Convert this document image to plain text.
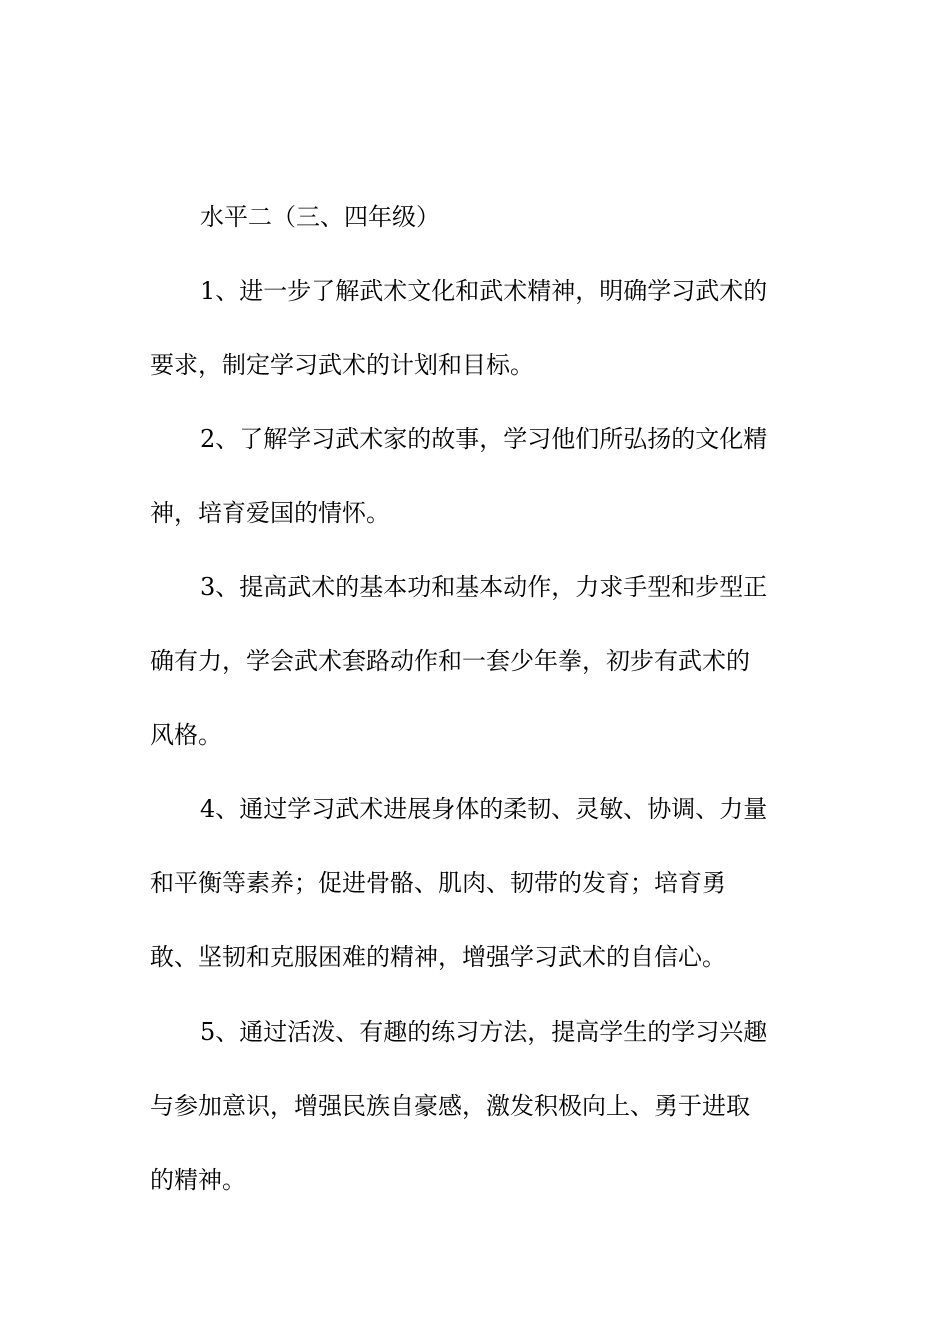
水平二（三、四年级）

1、进一步了解武术文化和武术精神，明确学习武术的

要求，制定学习武术的计划和目标。

2、了解学习武术家的故事，学习他们所弘扬的文化精

神，培育爱国的情怀。

3、提高武术的基本功和基本动作，力求手型和步型正

确有力，学会武术套路动作和一套少年拳，初步有武术的

风格。

4、通过学习武术进展身体的柔韧、灵敏、协调、力量

和平衡等素养；促进骨骼、肌肉、韧带的发育；培育勇

敢、坚韧和克服困难的精神，增强学习武术的自信心。

5、通过活泼、有趣的练习方法，提高学生的学习兴趣

与参加意识，增强民族自豪感，激发积极向上、勇于进取

的精神。
